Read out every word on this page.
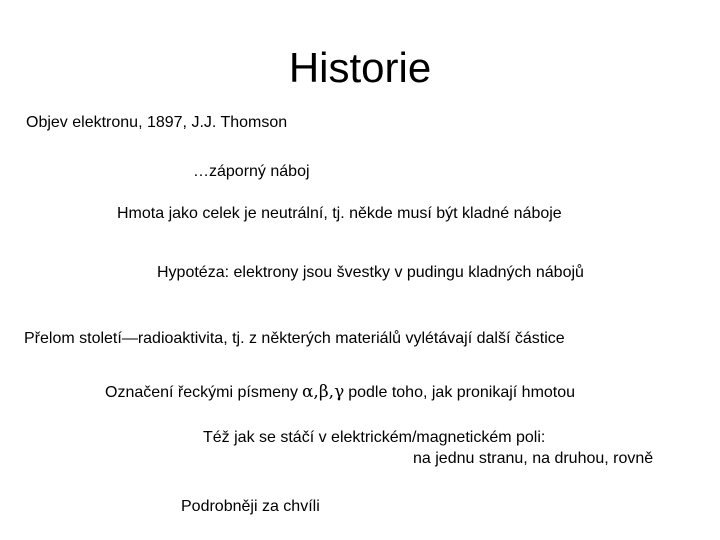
Historie
Objev elektronu, 1897, J.J. Thomson
…záporný náboj
Hmota jako celek je neutrální, tj. někde musí být kladné náboje
Hypotéza: elektrony jsou švestky v pudingu kladných nábojů
Přelom století—radioaktivita, tj. z některých materiálů vylétávají další částice
Označení řeckými písmeny α,β,γ podle toho, jak pronikají hmotou
Též jak se stáčí v elektrickém/magnetickém poli:
na jednu stranu, na druhou, rovně
Podrobněji za chvíli
